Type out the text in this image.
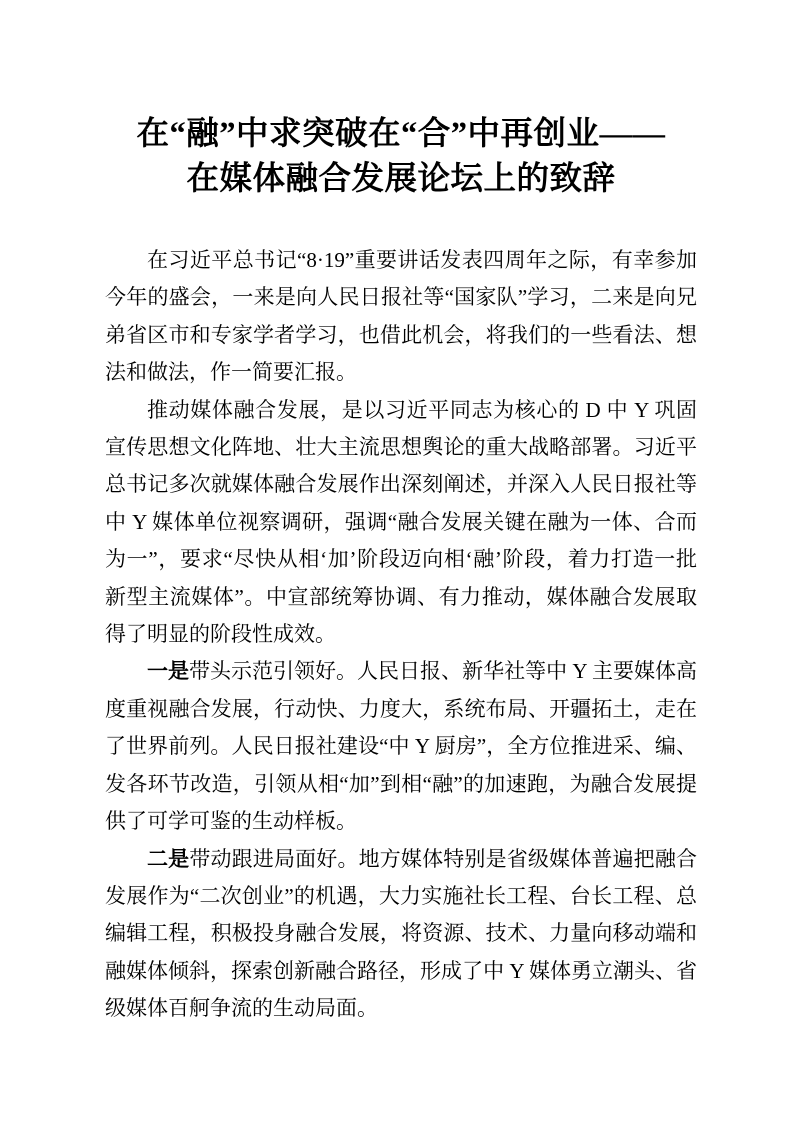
在“融”中求突破在“合”中再创业——
在媒体融合发展论坛上的致辞

在习近平总书记“8·19”重要讲话发表四周年之际，有幸参加今年的盛会，一来是向人民日报社等“国家队”学习，二来是向兄弟省区市和专家学者学习，也借此机会，将我们的一些看法、想法和做法，作一简要汇报。

推动媒体融合发展，是以习近平同志为核心的 D 中 Y 巩固宣传思想文化阵地、壮大主流思想舆论的重大战略部署。习近平总书记多次就媒体融合发展作出深刻阐述，并深入人民日报社等中 Y 媒体单位视察调研，强调“融合发展关键在融为一体、合而为一”，要求“尽快从相‘加’阶段迈向相‘融’阶段，着力打造一批新型主流媒体”。中宣部统筹协调、有力推动，媒体融合发展取得了明显的阶段性成效。

一是带头示范引领好。人民日报、新华社等中 Y 主要媒体高度重视融合发展，行动快、力度大，系统布局、开疆拓土，走在了世界前列。人民日报社建设“中 Y 厨房”，全方位推进采、编、发各环节改造，引领从相“加”到相“融”的加速跑，为融合发展提供了可学可鉴的生动样板。

二是带动跟进局面好。地方媒体特别是省级媒体普遍把融合发展作为“二次创业”的机遇，大力实施社长工程、台长工程、总编辑工程，积极投身融合发展，将资源、技术、力量向移动端和融媒体倾斜，探索创新融合路径，形成了中 Y 媒体勇立潮头、省级媒体百舸争流的生动局面。
